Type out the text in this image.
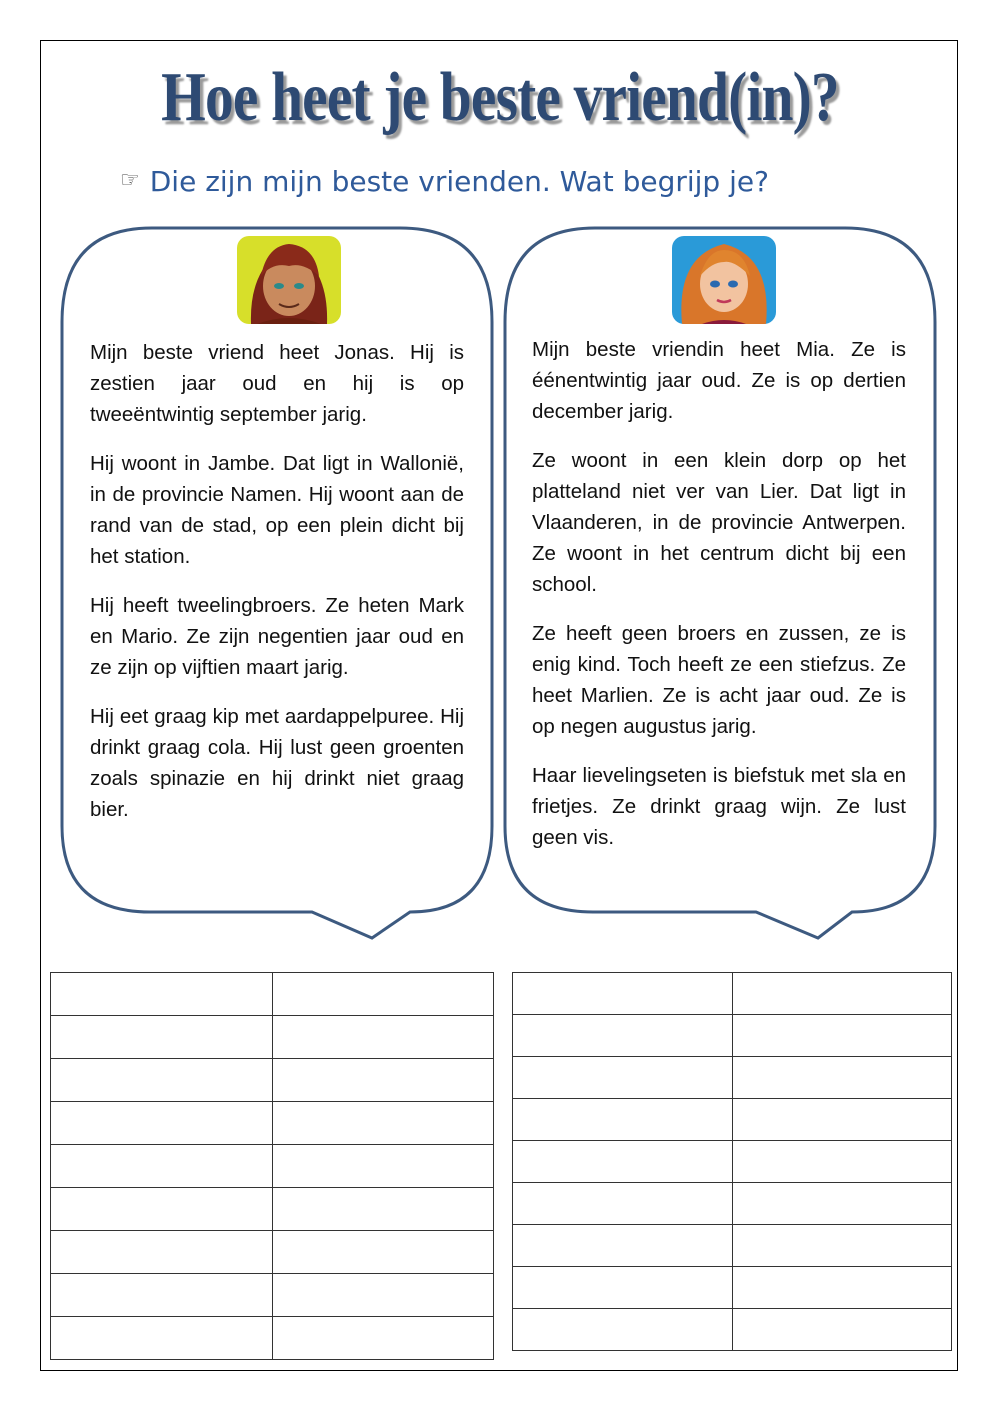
Hoe heet je beste vriend(in)?
☞ Die zijn mijn beste vrienden. Wat begrijp je?

Mijn beste vriend heet Jonas. Hij is zestien jaar oud en hij is op tweeëntwintig september jarig.

Hij woont in Jambe. Dat ligt in Wallonië, in de provincie Namen. Hij woont aan de rand van de stad, op een plein dicht bij het station.

Hij heeft tweelingbroers. Ze heten Mark en Mario. Ze zijn negentien jaar oud en ze zijn op vijftien maart jarig.

Hij eet graag kip met aardappelpuree. Hij drinkt graag cola. Hij lust geen groenten zoals spinazie en hij drinkt niet graag bier.

Mijn beste vriendin heet Mia. Ze is éénentwintig jaar oud. Ze is op dertien december jarig.

Ze woont in een klein dorp op het platteland niet ver van Lier. Dat ligt in Vlaanderen, in de provincie Antwerpen. Ze woont in het centrum dicht bij een school.

Ze heeft geen broers en zussen, ze is enig kind. Toch heeft ze een stiefzus. Ze heet Marlien. Ze is acht jaar oud. Ze is op negen augustus jarig.

Haar lievelingseten is biefstuk met sla en frietjes. Ze drinkt graag wijn. Ze lust geen vis.
